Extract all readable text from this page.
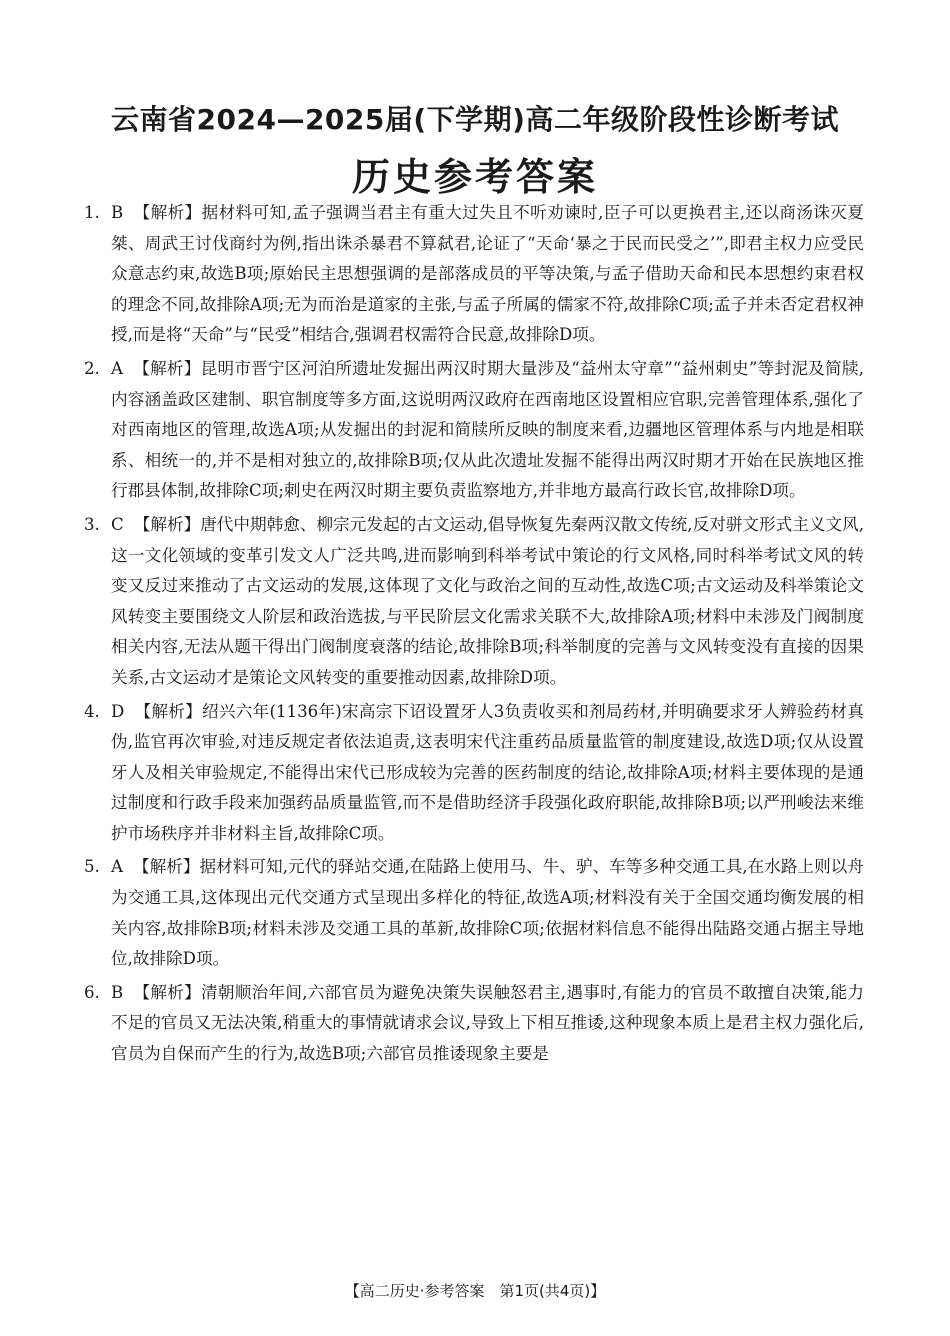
云南省2024—2025届(下学期)高二年级阶段性诊断考试
历史参考答案

1. B 【解析】据材料可知,孟子强调当君主有重大过失且不听劝谏时,臣子可以更换君主,还以商汤诛灭夏桀、周武王讨伐商纣为例,指出诛杀暴君不算弑君,论证了“天命‘暴之于民而民受之’”,即君主权力应受民众意志约束,故选B项;原始民主思想强调的是部落成员的平等决策,与孟子借助天命和民本思想约束君权的理念不同,故排除A项;无为而治是道家的主张,与孟子所属的儒家不符,故排除C项;孟子并未否定君权神授,而是将“天命”与“民受”相结合,强调君权需符合民意,故排除D项。

2. A 【解析】昆明市晋宁区河泊所遗址发掘出两汉时期大量涉及“益州太守章”“益州刺史”等封泥及简牍,内容涵盖政区建制、职官制度等多方面,这说明两汉政府在西南地区设置相应官职,完善管理体系,强化了对西南地区的管理,故选A项;从发掘出的封泥和简牍所反映的制度来看,边疆地区管理体系与内地是相联系、相统一的,并不是相对独立的,故排除B项;仅从此次遗址发掘不能得出两汉时期才开始在民族地区推行郡县体制,故排除C项;刺史在两汉时期主要负责监察地方,并非地方最高行政长官,故排除D项。

3. C 【解析】唐代中期韩愈、柳宗元发起的古文运动,倡导恢复先秦两汉散文传统,反对骈文形式主义文风,这一文化领域的变革引发文人广泛共鸣,进而影响到科举考试中策论的行文风格,同时科举考试文风的转变又反过来推动了古文运动的发展,这体现了文化与政治之间的互动性,故选C项;古文运动及科举策论文风转变主要围绕文人阶层和政治选拔,与平民阶层文化需求关联不大,故排除A项;材料中未涉及门阀制度相关内容,无法从题干得出门阀制度衰落的结论,故排除B项;科举制度的完善与文风转变没有直接的因果关系,古文运动才是策论文风转变的重要推动因素,故排除D项。

4. D 【解析】绍兴六年(1136年)宋高宗下诏设置牙人3负责收买和剂局药材,并明确要求牙人辨验药材真伪,监官再次审验,对违反规定者依法追责,这表明宋代注重药品质量监管的制度建设,故选D项;仅从设置牙人及相关审验规定,不能得出宋代已形成较为完善的医药制度的结论,故排除A项;材料主要体现的是通过制度和行政手段来加强药品质量监管,而不是借助经济手段强化政府职能,故排除B项;以严刑峻法来维护市场秩序并非材料主旨,故排除C项。

5. A 【解析】据材料可知,元代的驿站交通,在陆路上使用马、牛、驴、车等多种交通工具,在水路上则以舟为交通工具,这体现出元代交通方式呈现出多样化的特征,故选A项;材料没有关于全国交通均衡发展的相关内容,故排除B项;材料未涉及交通工具的革新,故排除C项;依据材料信息不能得出陆路交通占据主导地位,故排除D项。

6. B 【解析】清朝顺治年间,六部官员为避免决策失误触怒君主,遇事时,有能力的官员不敢擅自决策,能力不足的官员又无法决策,稍重大的事情就请求会议,导致上下相互推诿,这种现象本质上是君主权力强化后,官员为自保而产生的行为,故选B项;六部官员推诿现象主要是

【高二历史·参考答案　第1页(共4页)】
